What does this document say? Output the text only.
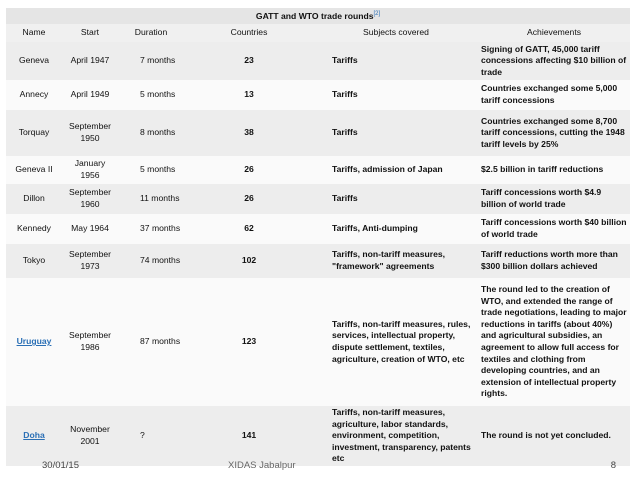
GATT and WTO trade rounds[2]
Name	Start	Duration	Countries	Subjects covered	Achievements
Geneva	April 1947	7 months	23	Tariffs	Signing of GATT, 45,000 tariff concessions affecting $10 billion of trade
Annecy	April 1949	5 months	13	Tariffs	Countries exchanged some 5,000 tariff concessions
Torquay	September 1950	8 months	38	Tariffs	Countries exchanged some 8,700 tariff concessions, cutting the 1948 tariff levels by 25%
Geneva II	January 1956	5 months	26	Tariffs, admission of Japan	$2.5 billion in tariff reductions
Dillon	September 1960	11 months	26	Tariffs	Tariff concessions worth $4.9 billion of world trade
Kennedy	May 1964	37 months	62	Tariffs, Anti-dumping	Tariff concessions worth $40 billion of world trade
Tokyo	September 1973	74 months	102	Tariffs, non-tariff measures, "framework" agreements	Tariff reductions worth more than $300 billion dollars achieved
Uruguay	September 1986	87 months	123	Tariffs, non-tariff measures, rules, services, intellectual property, dispute settlement, textiles, agriculture, creation of WTO, etc	The round led to the creation of WTO, and extended the range of trade negotiations, leading to major reductions in tariffs (about 40%) and agricultural subsidies, an agreement to allow full access for textiles and clothing from developing countries, and an extension of intellectual property rights.
Doha	November 2001	?	141	Tariffs, non-tariff measures, agriculture, labor standards, environment, competition, investment, transparency, patents etc	The round is not yet concluded.
30/01/15	XIDAS Jabalpur	8
